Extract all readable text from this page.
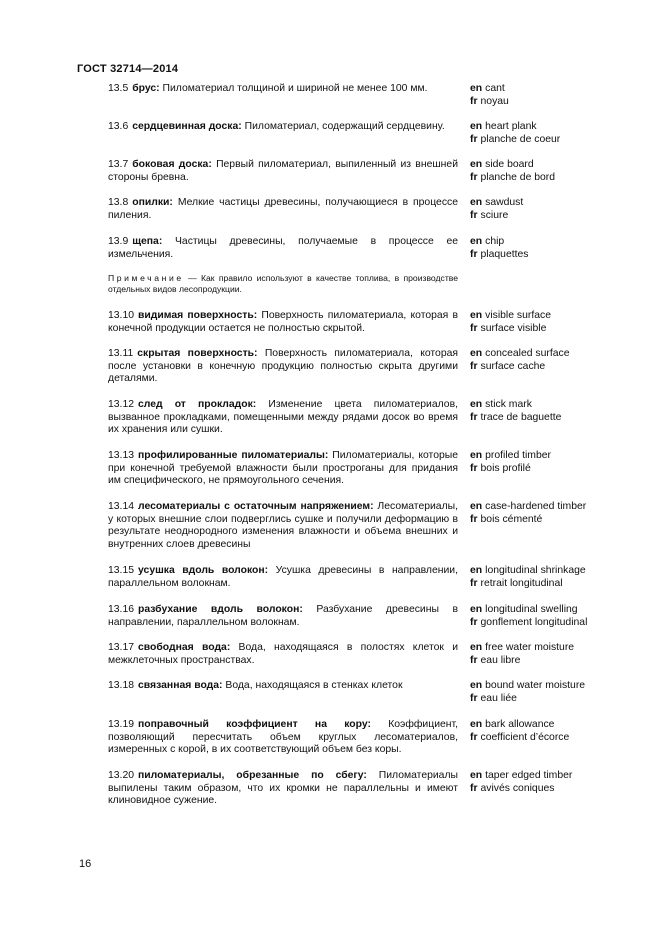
ГОСТ 32714—2014
13.5 брус: Пиломатериал толщиной и шириной не менее 100 мм.	en cant
fr noyau
13.6 сердцевинная доска: Пиломатериал, содержащий сердцевину.	en heart plank
fr planche de coeur
13.7 боковая доска: Первый пиломатериал, выпиленный из внешней стороны бревна.
en side board
fr planche de bord
13.8 опилки: Мелкие частицы древесины, получающиеся в процессе пиления.
en sawdust
fr sciure
13.9 щепа: Частицы древесины, получаемые в процессе ее измельчения.
en chip
fr plaquettes
Примечание — Как правило используют в качестве топлива, в производстве отдельных видов лесопродукции.
13.10 видимая поверхность: Поверхность пиломатериала, которая в конечной продукции остается не полностью скрытой.
en visible surface
fr surface visible
13.11 скрытая поверхность: Поверхность пиломатериала, которая после установки в конечную продукцию полностью скрыта другими деталями.
en concealed surface
fr surface cache
13.12 след от прокладок: Изменение цвета пиломатериалов, вызванное прокладками, помещенными между рядами досок во время их хранения или сушки.
en stick mark
fr trace de baguette
13.13 профилированные пиломатериалы: Пиломатериалы, которые при конечной требуемой влажности были прострoганы для придания им специфического, не прямоугольного сечения.
en profiled timber
fr bois profilé
13.14 лесоматериалы с остаточным напряжением: Лесоматериалы, у которых внешние слои подверглись сушке и получили деформацию в результате неоднородного изменения влажности и объема внешних и внутренних слоев древесины
en case-hardened timber
fr bois cémenté
13.15 усушка вдоль волокон: Усушка древесины в направлении, параллельном волокнам.
en longitudinal shrinkage
fr retrait longitudinal
13.16 разбухание вдоль волокон: Разбухание древесины в направлении, параллельном волокнам.
en longitudinal swelling
fr gonflement longitudinal
13.17 свободная вода: Вода, находящаяся в полостях клеток и межклеточных пространствах.
en free water moisture
fr eau libre
13.18 связанная вода: Вода, находящаяся в стенках клеток	en bound water moisture
fr eau liée
13.19 поправочный коэффициент на кору: Коэффициент, позволяющий пересчитать объем круглых лесоматериалов, измеренных с корой, в их соответствующий объем без коры.
en bark allowance
fr coefficient d’écorce
13.20 пиломатериалы, обрезанные по сбегу: Пиломатериалы выпилены таким образом, что их кромки не параллельны и имеют клиновидное сужение.
en taper edged timber
fr avivés coniques
16
